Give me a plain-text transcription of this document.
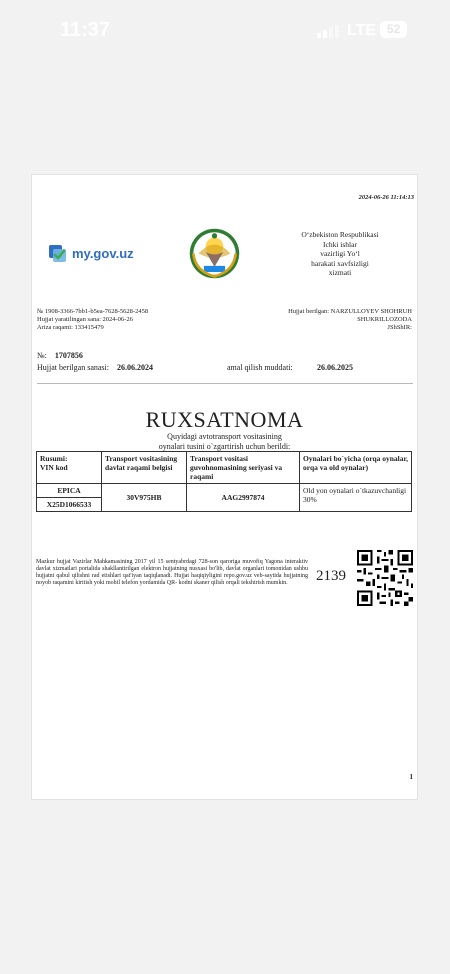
11:37	LTE 52
2024-06-26 11:14:13
my.gov.uz
O‘zbekiston Respublikasi
Ichki ishlar
vazirligi Yo‘l
harakati xavfsizligi
xizmati
№ 1908-3366-7bb1-b5ea-7628-5628-2458
Hujjat yaratilingan sana: 2024-06-26
Ariza raqami: 133415479
Hujjat berilgan: NARZULLOYEV SHOHRUH
SHUKRILLOZODA
JShShIR:
№: 1707856
Hujjat berilgan sanasi: 26.06.2024	amal qilish muddati:	26.06.2025
RUXSATNOMA
Quyidagi avtotransport vositasining
oynalari tusini o`zgartirish uchun berildi:
Rusumi:
VIN kod	Transport vositasining davlat raqami belgisi	Transport vositasi guvohnomasining seriyasi va raqami	Oynalari bo`yicha (orqa oynalar, orqa va old oynalar)

EPICA
X25D1066533	30V975HB	AAG2997874	Old yon oynalari o`tkazuvchanligi 30%
Mazkur hujjat Vazirlar Mahkamasining 2017 yil 15 sentyabrdagi 728-son qaroriga muvofiq Yagona interaktiv davlat xizmatlari portalida shakllantirilgan elektron hujjatning nusxasi bo'lib, davlat organlari tomonidan ushbu hujjatni qabul qilishni rad etishlari qat'iyan taqiqlanadi. Hujjat haqiqiyligini repo.gov.uz veb-saytida hujjatning noyob raqamini kiritish yoki mobil telefon yordamida QR- kodni skaner qilish orqali tekshirish mumkin.	2139
1
